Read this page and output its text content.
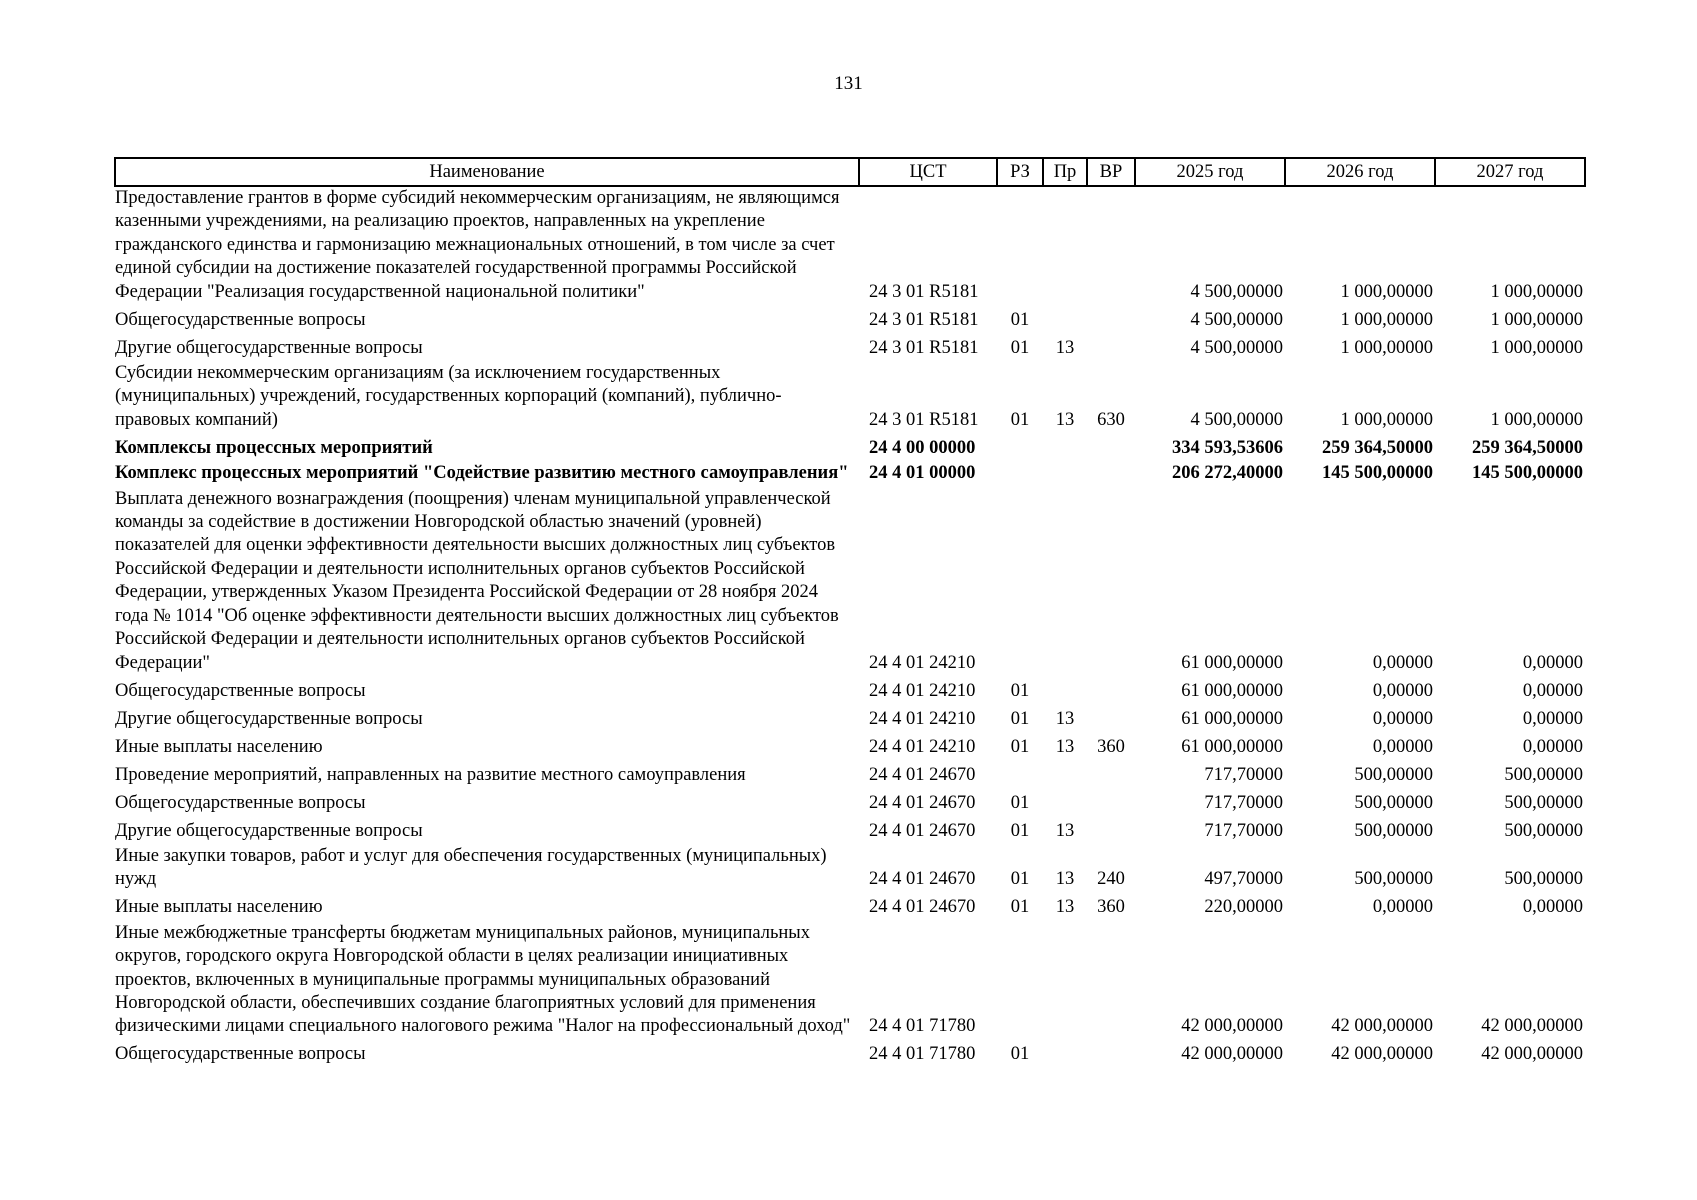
131
Наименование	ЦСТ	РЗ	Пр	ВР	2025 год	2026 год	2027 год
Предоставление грантов в форме субсидий некоммерческим организациям, не являющимся казенными учреждениями, на реализацию проектов, направленных на укрепление гражданского единства и гармонизацию межнациональных отношений, в том числе за счет единой субсидии на достижение показателей государственной программы Российской Федерации "Реализация государственной национальной политики"	24 3 01 R5181				4 500,00000	1 000,00000	1 000,00000
Общегосударственные вопросы	24 3 01 R5181	01			4 500,00000	1 000,00000	1 000,00000
Другие общегосударственные вопросы	24 3 01 R5181	01	13		4 500,00000	1 000,00000	1 000,00000
Субсидии некоммерческим организациям (за исключением государственных (муниципальных) учреждений, государственных корпораций (компаний), публично-правовых компаний)	24 3 01 R5181	01	13	630	4 500,00000	1 000,00000	1 000,00000
Комплексы процессных мероприятий	24 4 00 00000				334 593,53606	259 364,50000	259 364,50000
Комплекс процессных мероприятий "Содействие развитию местного самоуправления"	24 4 01 00000				206 272,40000	145 500,00000	145 500,00000
Выплата денежного вознаграждения (поощрения) членам муниципальной управленческой команды за содействие в достижении Новгородской областью значений (уровней) показателей для оценки эффективности деятельности высших должностных лиц субъектов Российской Федерации и деятельности исполнительных органов субъектов Российской Федерации, утвержденных Указом Президента Российской Федерации от 28 ноября 2024 года № 1014 "Об оценке эффективности деятельности высших должностных лиц субъектов Российской Федерации и деятельности исполнительных органов субъектов Российской Федерации"	24 4 01 24210				61 000,00000	0,00000	0,00000
Общегосударственные вопросы	24 4 01 24210	01			61 000,00000	0,00000	0,00000
Другие общегосударственные вопросы	24 4 01 24210	01	13		61 000,00000	0,00000	0,00000
Иные выплаты населению	24 4 01 24210	01	13	360	61 000,00000	0,00000	0,00000
Проведение мероприятий, направленных на развитие местного самоуправления	24 4 01 24670				717,70000	500,00000	500,00000
Общегосударственные вопросы	24 4 01 24670	01			717,70000	500,00000	500,00000
Другие общегосударственные вопросы	24 4 01 24670	01	13		717,70000	500,00000	500,00000
Иные закупки товаров, работ и услуг для обеспечения государственных (муниципальных) нужд	24 4 01 24670	01	13	240	497,70000	500,00000	500,00000
Иные выплаты населению	24 4 01 24670	01	13	360	220,00000	0,00000	0,00000
Иные межбюджетные трансферты бюджетам муниципальных районов, муниципальных округов, городского округа Новгородской области в целях реализации инициативных проектов, включенных в муниципальные программы муниципальных образований Новгородской области, обеспечивших создание благоприятных условий для применения физическими лицами специального налогового режима "Налог на профессиональный доход"	24 4 01 71780				42 000,00000	42 000,00000	42 000,00000
Общегосударственные вопросы	24 4 01 71780	01			42 000,00000	42 000,00000	42 000,00000
